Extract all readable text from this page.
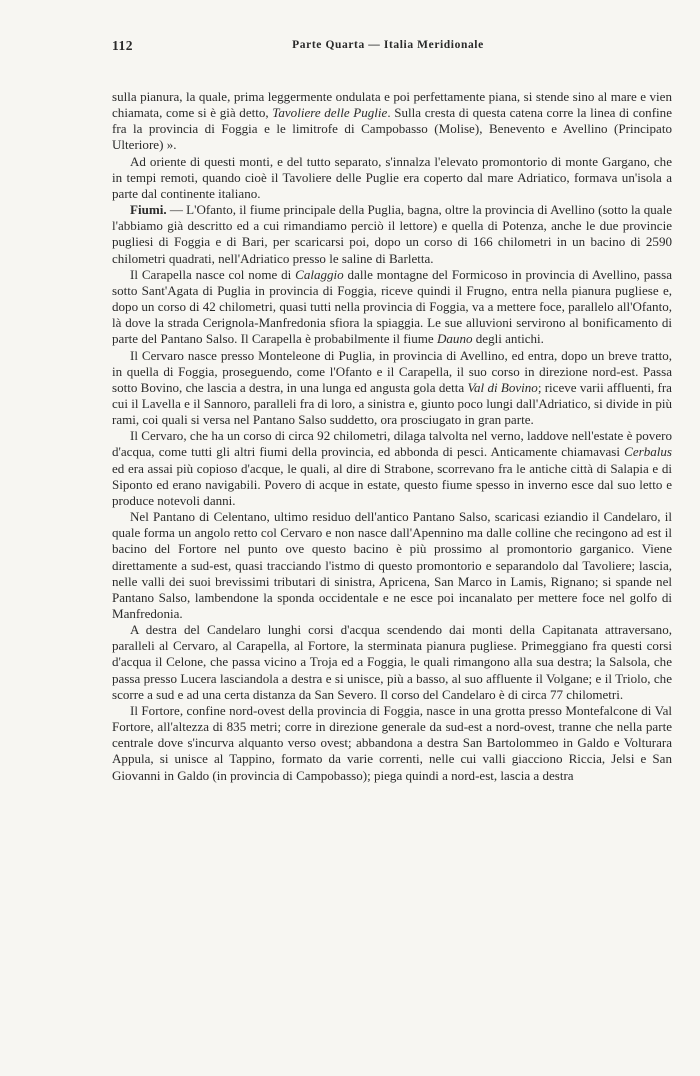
112	Parte Quarta — Italia Meridionale

sulla pianura, la quale, prima leggermente ondulata e poi perfettamente piana, si stende sino al mare e vien chiamata, come si è già detto, Tavoliere delle Puglie. Sulla cresta di questa catena corre la linea di confine fra la provincia di Foggia e le limitrofe di Campobasso (Molise), Benevento e Avellino (Principato Ulteriore) ».

Ad oriente di questi monti, e del tutto separato, s'innalza l'elevato promontorio di monte Gargano, che in tempi remoti, quando cioè il Tavoliere delle Puglie era coperto dal mare Adriatico, formava un'isola a parte dal continente italiano.

Fiumi. — L'Ofanto, il fiume principale della Puglia, bagna, oltre la provincia di Avellino (sotto la quale l'abbiamo già descritto ed a cui rimandiamo perciò il lettore) e quella di Potenza, anche le due provincie pugliesi di Foggia e di Bari, per scaricarsi poi, dopo un corso di 166 chilometri in un bacino di 2590 chilometri quadrati, nell'Adriatico presso le saline di Barletta.

Il Carapella nasce col nome di Calaggio dalle montagne del Formicoso in provincia di Avellino, passa sotto Sant'Agata di Puglia in provincia di Foggia, riceve quindi il Frugno, entra nella pianura pugliese e, dopo un corso di 42 chilometri, quasi tutti nella provincia di Foggia, va a mettere foce, parallelo all'Ofanto, là dove la strada Cerignola-Manfredonia sfiora la spiaggia. Le sue alluvioni servirono al bonificamento di parte del Pantano Salso. Il Carapella è probabilmente il fiume Dauno degli antichi.

Il Cervaro nasce presso Monteleone di Puglia, in provincia di Avellino, ed entra, dopo un breve tratto, in quella di Foggia, proseguendo, come l'Ofanto e il Carapella, il suo corso in direzione nord-est. Passa sotto Bovino, che lascia a destra, in una lunga ed angusta gola detta Val di Bovino; riceve varii affluenti, fra cui il Lavella e il Sannoro, paralleli fra di loro, a sinistra e, giunto poco lungi dall'Adriatico, si divide in più rami, coi quali si versa nel Pantano Salso suddetto, ora prosciugato in gran parte.

Il Cervaro, che ha un corso di circa 92 chilometri, dilaga talvolta nel verno, laddove nell'estate è povero d'acqua, come tutti gli altri fiumi della provincia, ed abbonda di pesci. Anticamente chiamavasi Cerbalus ed era assai più copioso d'acque, le quali, al dire di Strabone, scorrevano fra le antiche città di Salapia e di Siponto ed erano navigabili. Povero di acque in estate, questo fiume spesso in inverno esce dal suo letto e produce notevoli danni.

Nel Pantano di Celentano, ultimo residuo dell'antico Pantano Salso, scaricasi eziandio il Candelaro, il quale forma un angolo retto col Cervaro e non nasce dall'Apennino ma dalle colline che recingono ad est il bacino del Fortore nel punto ove questo bacino è più prossimo al promontorio garganico. Viene direttamente a sud-est, quasi tracciando l'istmo di questo promontorio e separandolo dal Tavoliere; lascia, nelle valli dei suoi brevissimi tributari di sinistra, Apricena, San Marco in Lamis, Rignano; si spande nel Pantano Salso, lambendone la sponda occidentale e ne esce poi incanalato per mettere foce nel golfo di Manfredonia.

A destra del Candelaro lunghi corsi d'acqua scendendo dai monti della Capitanata attraversano, paralleli al Cervaro, al Carapella, al Fortore, la sterminata pianura pugliese. Primeggiano fra questi corsi d'acqua il Celone, che passa vicino a Troja ed a Foggia, le quali rimangono alla sua destra; la Salsola, che passa presso Lucera lasciandola a destra e si unisce, più a basso, al suo affluente il Volgane; e il Triolo, che scorre a sud e ad una certa distanza da San Severo. Il corso del Candelaro è di circa 77 chilometri.

Il Fortore, confine nord-ovest della provincia di Foggia, nasce in una grotta presso Montefalcone di Val Fortore, all'altezza di 835 metri; corre in direzione generale da sud-est a nord-ovest, tranne che nella parte centrale dove s'incurva alquanto verso ovest; abbandona a destra San Bartolommeo in Galdo e Volturara Appula, si unisce al Tappino, formato da varie correnti, nelle cui valli giacciono Riccia, Jelsi e San Giovanni in Galdo (in provincia di Campobasso); piega quindi a nord-est, lascia a destra
